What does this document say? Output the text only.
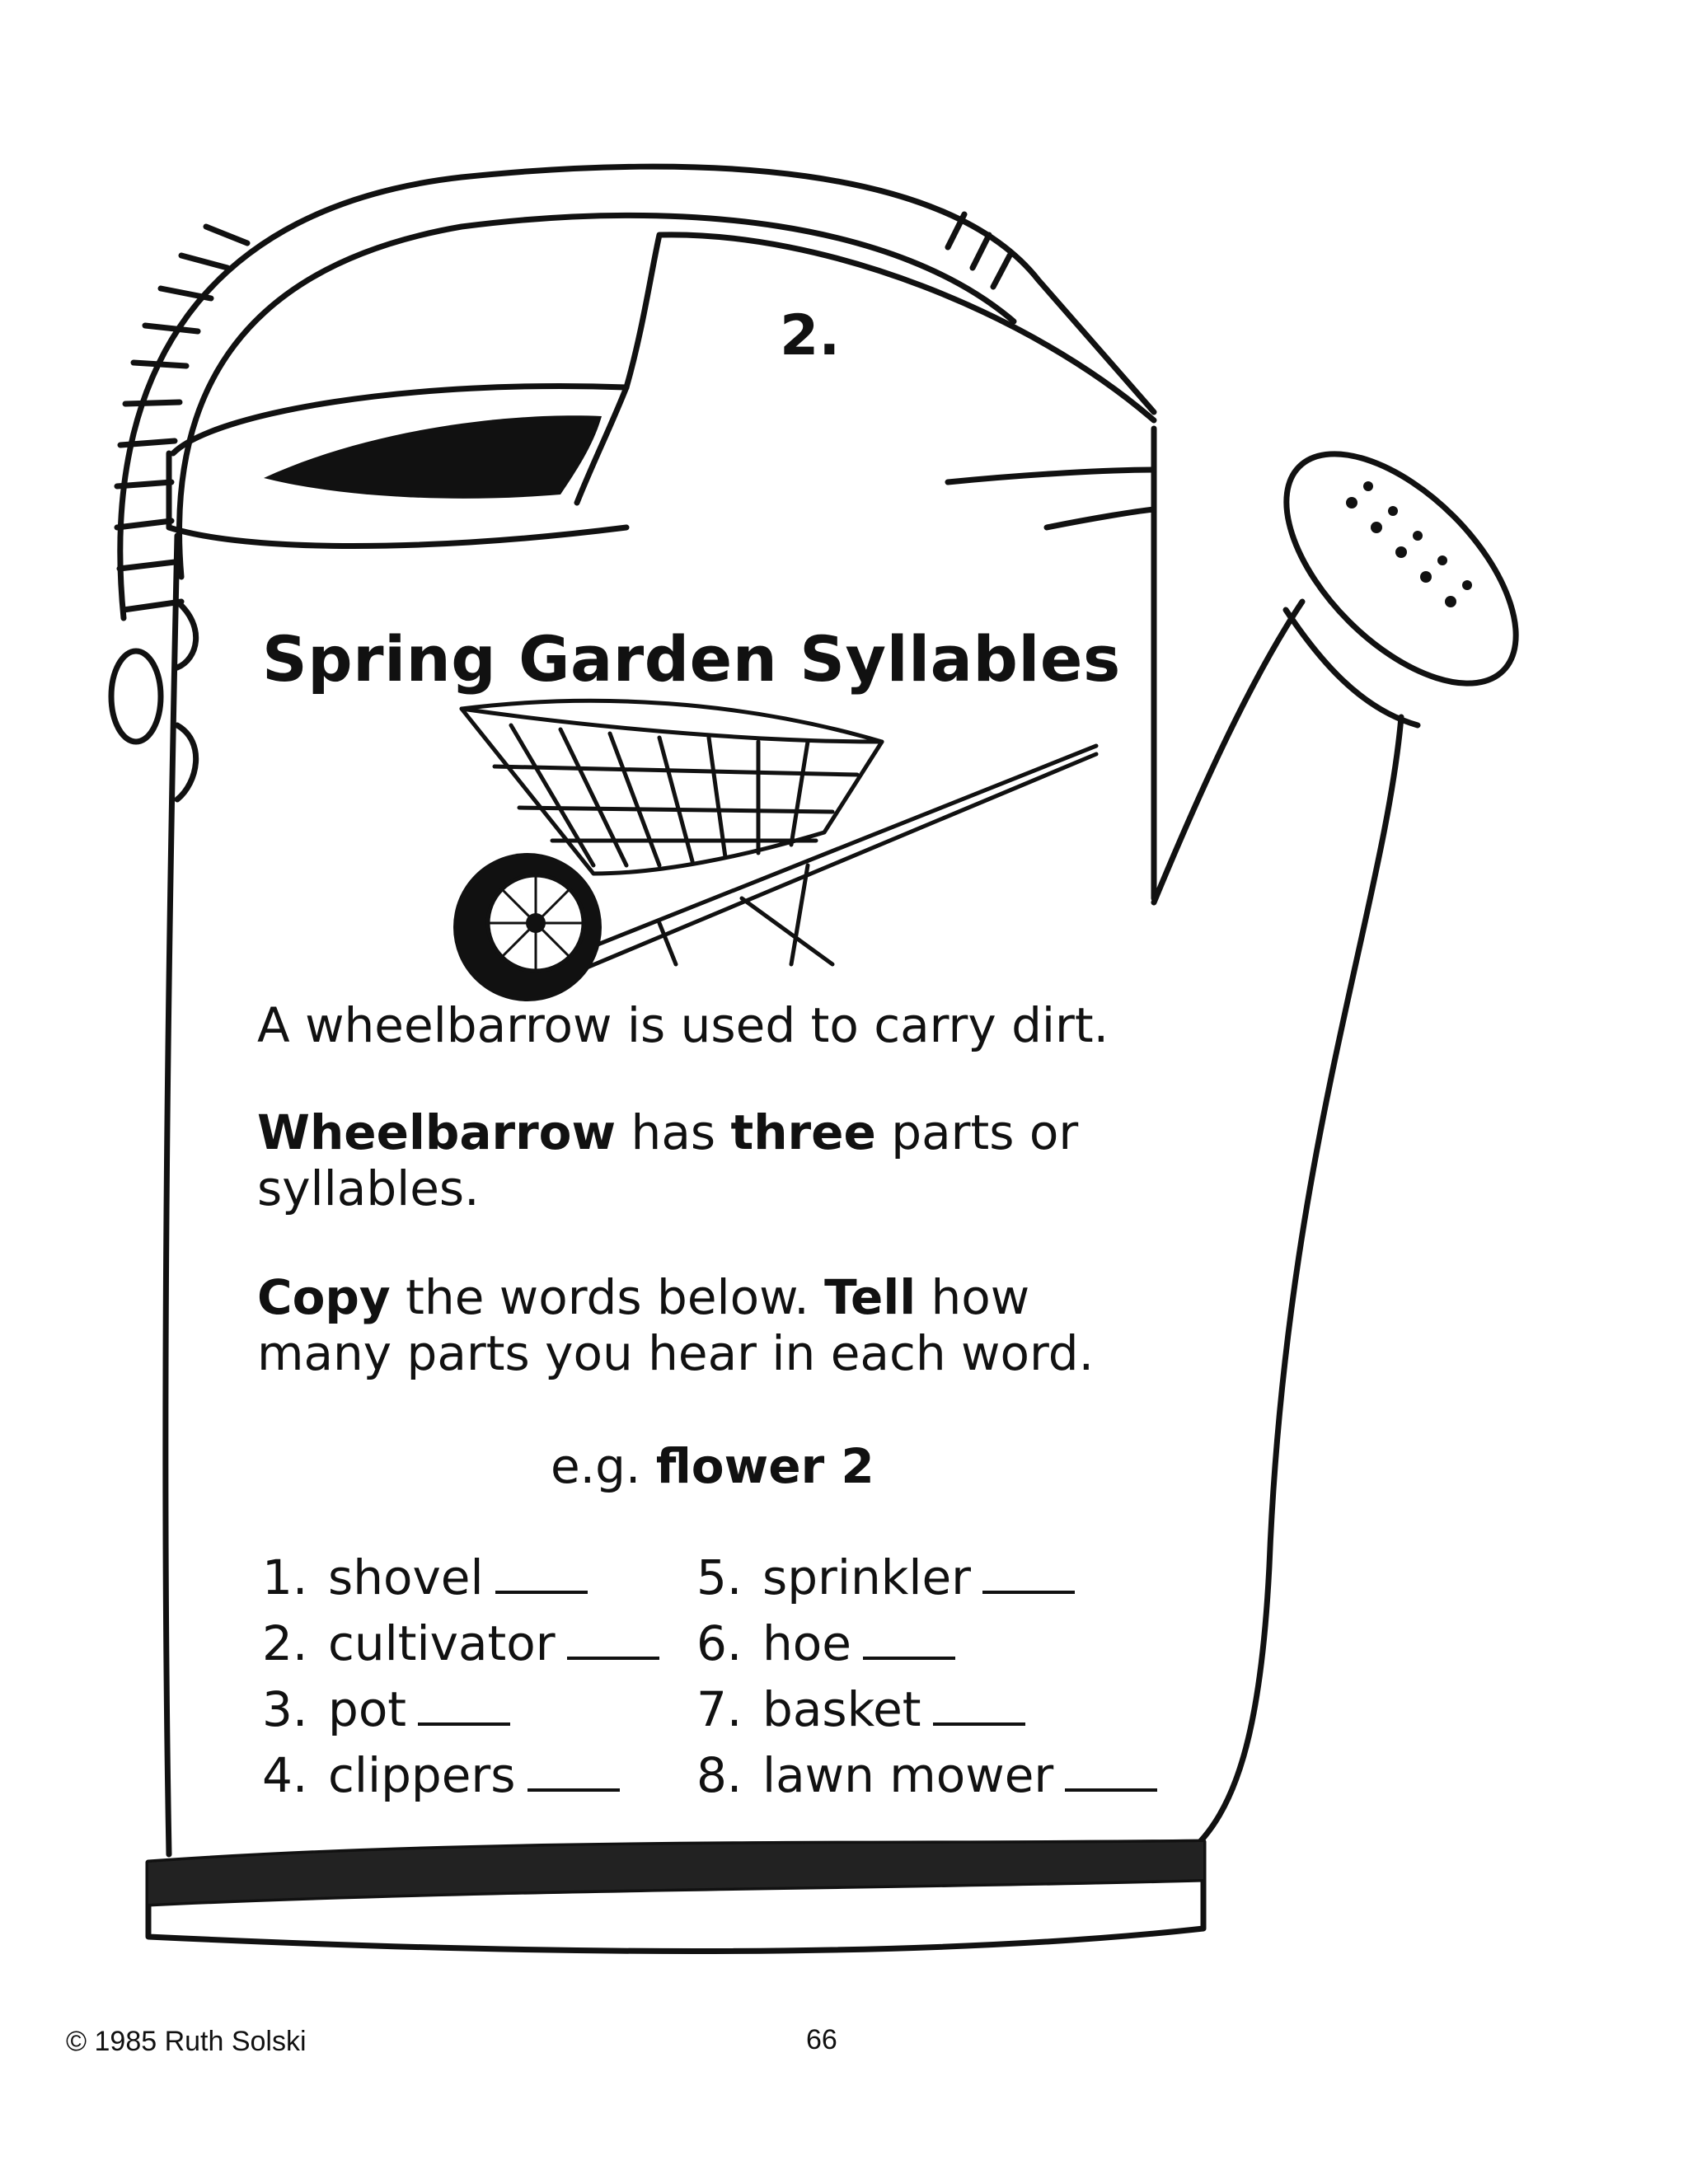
2.
Spring Garden Syllables
A wheelbarrow is used to carry dirt.
Wheelbarrow has three parts or
syllables.
Copy the words below. Tell how
many parts you hear in each word.
e.g. flower 2
1. shovel
2. cultivator
3. pot
4. clippers
5. sprinkler
6. hoe
7. basket
8. lawn mower
© 1985 Ruth Solski	66
